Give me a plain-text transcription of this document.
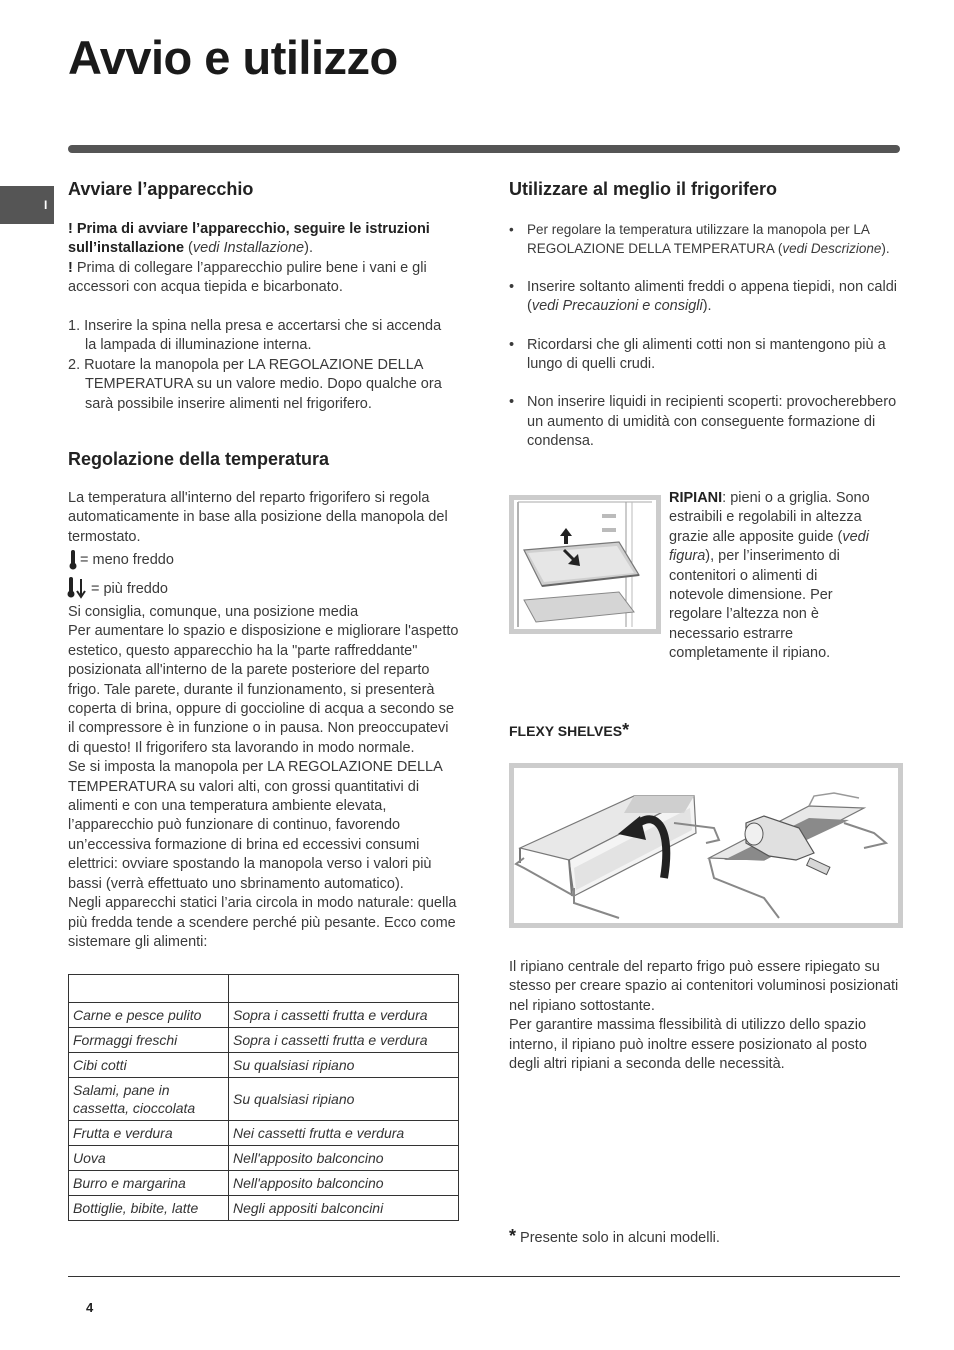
Avvio e utilizzo
I
Avviare l’apparecchio

! Prima di avviare l’apparecchio, seguire le istruzioni sull’installazione (vedi Installazione).

! Prima di collegare l’apparecchio pulire bene i vani e gli accessori con acqua tiepida e bicarbonato.

1. Inserire la spina nella presa e accertarsi che si accenda la lampada di illuminazione interna.

2. Ruotare la manopola per LA REGOLAZIONE DELLA TEMPERATURA su un valore medio. Dopo qualche ora sarà possibile inserire alimenti nel frigorifero.

Regolazione della temperatura
La temperatura all'interno del reparto frigorifero si regola automaticamente in base alla posizione della manopola del termostato.
= meno freddo
= più freddo

Si consiglia, comunque, una posizione media

Per aumentare lo spazio e disposizione e migliorare l'aspetto estetico, questo apparecchio ha la "parte raffreddante" posizionata all'interno de la parete posteriore del reparto frigo. Tale parete, durante il funzionamento, si presenterà coperta di brina, oppure di goccioline di acqua a secondo se il compressore è in funzione o in pausa. Non preoccupatevi di questo! Il frigorifero sta lavorando in modo normale.

Se si imposta la manopola per LA REGOLAZIONE DELLA TEMPERATURA su valori alti, con grossi quantitativi di alimenti e con una temperatura ambiente elevata, l’apparecchio può funzionare di continuo, favorendo un’eccessiva formazione di brina ed eccessivi consumi elettrici: ovviare spostando la manopola verso i valori più bassi (verrà effettuato uno sbrinamento automatico).

Negli apparecchi statici l’aria circola in modo naturale: quella più fredda tende a scendere perché più pesante. Ecco come sistemare gli alimenti:

Carne e pesce pulito	Sopra i cassetti frutta e verdura
Formaggi freschi	Sopra i cassetti frutta e verdura
Cibi cotti	Su qualsiasi ripiano
Salami, pane in cassetta, cioccolata	Su qualsiasi ripiano
Frutta e verdura	Nei cassetti frutta e verdura
Uova	Nell'apposito balconcino
Burro e margarina	Nell'apposito balconcino
Bottiglie, bibite, latte	Negli appositi balconcini
Utilizzare al meglio il frigorifero
• Per regolare la temperatura utilizzare la manopola per LA REGOLAZIONE DELLA TEMPERATURA (vedi Descrizione).
• Inserire soltanto alimenti freddi o appena tiepidi, non caldi (vedi Precauzioni e consigli).
• Ricordarsi che gli alimenti cotti non si mantengono più a lungo di quelli crudi.
• Non inserire liquidi in recipienti scoperti: provocherebbero un aumento di umidità con conseguente formazione di condensa.
RIPIANI: pieni o a griglia. Sono estraibili e regolabili in altezza grazie alle apposite guide (vedi figura), per l’inserimento di contenitori o alimenti di notevole dimensione. Per regolare l’altezza non è necessario estrarre completamente il ripiano.
FLEXY SHELVES*

Il ripiano centrale del reparto frigo può essere ripiegato su stesso per creare spazio ai contenitori voluminosi posizionati nel ripiano sottostante.

Per garantire massima flessibilità di utilizzo dello spazio interno, il ripiano può inoltre essere posizionato al posto degli altri ripiani a seconda delle necessità.

* Presente solo in alcuni modelli.
4
